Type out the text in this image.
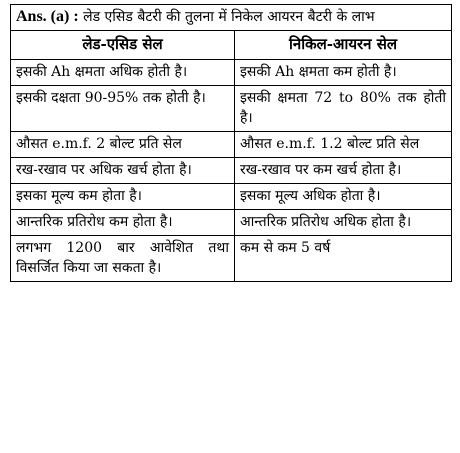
Ans. (a) : लेड एसिड बैटरी की तुलना में निकेल आयरन बैटरी के लाभ	
लेड-एसिड सेल	निकिल-आयरन सेल
इसकी Ah क्षमता अधिक होती है।	इसकी Ah क्षमता कम होती है।
इसकी दक्षता 90-95% तक होती है।	इसकी क्षमता 72 to 80% तक होती है।
औसत e.m.f. 2 बोल्ट प्रति सेल	औसत e.m.f. 1.2 बोल्ट प्रति सेल
रख-रखाव पर अधिक खर्च होता है।	रख-रखाव पर कम खर्च होता है।
इसका मूल्य कम होता है।	इसका मूल्य अधिक होता है।
आन्तरिक प्रतिरोध कम होता है।	आन्तरिक प्रतिरोध अधिक होता है।
लगभग 1200 बार आवेशित तथा विसर्जित किया जा सकता है।	कम से कम 5 वर्ष
